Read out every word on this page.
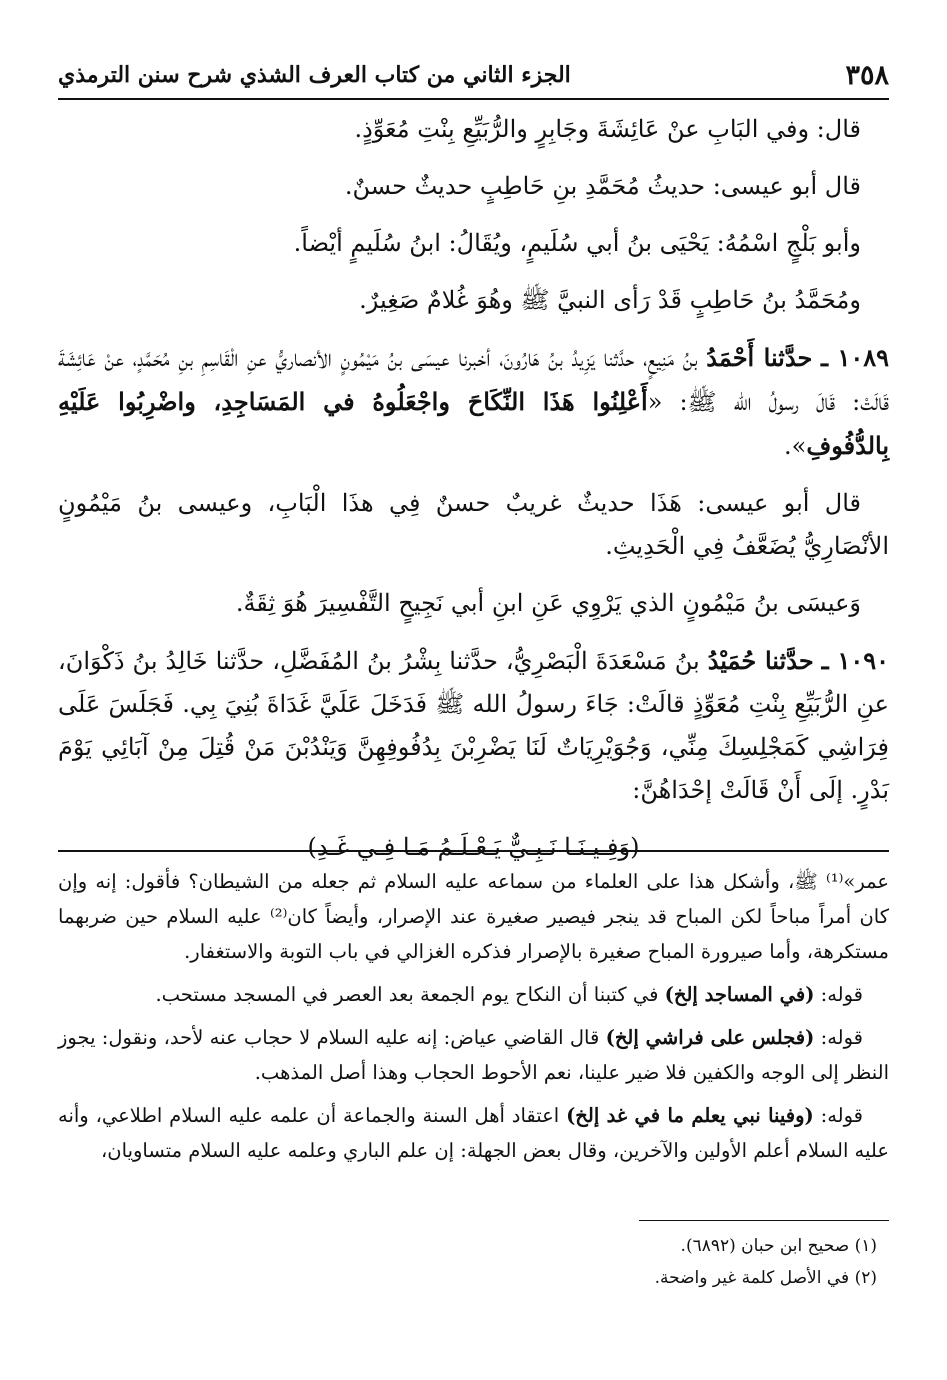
٣٥٨
الجزء الثاني من كتاب العرف الشذي شرح سنن الترمذي

قال: وفي البَابِ عنْ عَائِشَةَ وجَابِرٍ والرُّبَيِّعِ بِنْتِ مُعَوِّذٍ.

قال أبو عيسى: حديثُ مُحَمَّدِ بنِ حَاطِبٍ حديثٌ حسنٌ.

وأبو بَلْجٍ اسْمُهُ: يَحْيَى بنُ أبي سُلَيمٍ، ويُقَالُ: ابنُ سُلَيمٍ أيْضاً.

ومُحَمَّدُ بنُ حَاطِبٍ قَدْ رَأى النبيَّ ﷺ وهُوَ غُلامٌ صَغِيرٌ.

١٠٨٩ ـ حدَّثنا أَحْمَدُ بنُ مَنِيعٍ، حدَّثنا يَزِيدُ بنُ هَارُونَ، أخبرنا عيسَى بنُ مَيْمُونٍ الأنصاريُّ عنِ الْقَاسِمِ بنِ مُحَمَّدٍ، عنْ عَائِشَةَ قَالَتْ: قَالَ رسولُ الله ﷺ: «أَعْلِنُوا هَذَا النِّكَاحَ واجْعَلُوهُ في المَسَاجِدِ، واضْرِبُوا عَلَيْهِ بِالدُّفُوفِ».

قال أبو عيسى: هَذَا حديثٌ غريبٌ حسنٌ فِي هذَا الْبَابِ، وعيسى بنُ مَيْمُونٍ الأنْصَارِيُّ يُضَعَّفُ فِي الْحَدِيثِ.

وَعيسَى بنُ مَيْمُونٍ الذي يَرْوِي عَنِ ابنِ أبي نَجِيحٍ التَّفْسِيرَ هُوَ ثِقَةٌ.

١٠٩٠ ـ حدَّثنا حُمَيْدُ بنُ مَسْعَدَةَ الْبَصْرِيُّ، حدَّثنا بِشْرُ بنُ المُفَضَّلِ، حدَّثنا خَالِدُ بنُ ذَكْوَانَ، عنِ الرُّبَيِّعِ بِنْتِ مُعَوِّذٍ قالَتْ: جَاءَ رسولُ الله ﷺ فَدَخَلَ عَلَيَّ غَدَاةَ بُنِيَ بِي. فَجَلَسَ عَلَى فِرَاشِي كَمَجْلِسِكَ مِنِّي، وَجُوَيْرِيَاتٌ لَنَا يَضْرِبْنَ بِدُفُوفِهِنَّ وَيَنْدُبْنَ مَنْ قُتِلَ مِنْ آبَائِي يَوْمَ بَدْرٍ. إلَى أَنْ قَالَتْ إحْدَاهُنَّ:

(وَفِـيـنَـا نَـبِـيٌّ يَـعْـلَـمُ مَـا فِـي غَـدِ)

عمر»⁽¹⁾ ﷺ، وأشكل هذا على العلماء من سماعه عليه السلام ثم جعله من الشيطان؟ فأقول: إنه وإن كان أمراً مباحاً لكن المباح قد ينجر فيصير صغيرة عند الإصرار، وأيضاً كان⁽²⁾ عليه السلام حين ضربهما مستكرهة، وأما صيرورة المباح صغيرة بالإصرار فذكره الغزالي في باب التوبة والاستغفار.

قوله: (في المساجد إلخ) في كتبنا أن النكاح يوم الجمعة بعد العصر في المسجد مستحب.

قوله: (فجلس على فراشي إلخ) قال القاضي عياض: إنه عليه السلام لا حجاب عنه لأحد، ونقول: يجوز النظر إلى الوجه والكفين فلا ضير علينا، نعم الأحوط الحجاب وهذا أصل المذهب.

قوله: (وفينا نبي يعلم ما في غد إلخ) اعتقاد أهل السنة والجماعة أن علمه عليه السلام اطلاعي، وأنه عليه السلام أعلم الأولين والآخرين، وقال بعض الجهلة: إن علم الباري وعلمه عليه السلام متساويان،

(١) صحيح ابن حبان (٦٨٩٢).

(٢) في الأصل كلمة غير واضحة.
